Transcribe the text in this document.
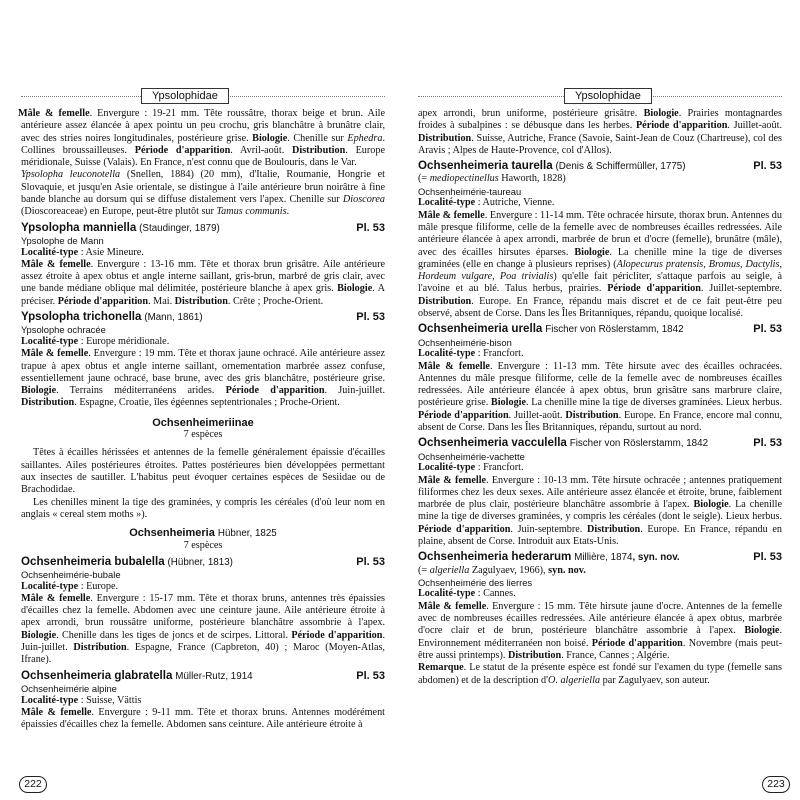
Ypsolophidae

Mâle & femelle. Envergure : 19-21 mm. Tête roussâtre, thorax beige et brun. Aile antérieure assez élancée à apex pointu un peu crochu, gris blanchâtre à brunâtre clair, avec des stries noires longitudinales, postérieure grise. Biologie. Chenille sur Ephedra. Collines broussailleuses. Période d'apparition. Avril-août. Distribution. Europe méridionale, Suisse (Valais). En France, n'est connu que de Boulouris, dans le Var.

Ypsolopha leuconotella (Snellen, 1884) (20 mm), d'Italie, Roumanie, Hongrie et Slovaquie, et jusqu'en Asie orientale, se distingue à l'aile antérieure brun noirâtre à fine bande blanche au dorsum qui se diffuse distalement vers l'apex. Chenille sur Dioscorea (Dioscoreaceae) en Europe, peut-être plutôt sur Tamus communis.

Ypsolopha manniella (Staudinger, 1879)	Pl. 53
Ypsolophe de Mann

Localité-type : Asie Mineure.

Mâle & femelle. Envergure : 13-16 mm. Tête et thorax brun grisâtre. Aile antérieure assez étroite à apex obtus et angle interne saillant, gris-brun, marbré de gris clair, avec une bande médiane oblique mal délimitée, postérieure blanche à apex gris. Biologie. A préciser. Période d'apparition. Mai. Distribution. Crête ; Proche-Orient.

Ypsolopha trichonella (Mann, 1861)	Pl. 53
Ypsolophe ochracée

Localité-type : Europe méridionale.

Mâle & femelle. Envergure : 19 mm. Tête et thorax jaune ochracé. Aile antérieure assez trapue à apex obtus et angle interne saillant, ornementation marbrée assez confuse, essentiellement jaune ochracé, base brune, avec des gris blanchâtre, postérieure grise. Biologie. Terrains méditerranéens arides. Période d'apparition. Juin-juillet. Distribution. Espagne, Croatie, îles égéennes septentrionales ; Proche-Orient.

Ochsenheimeriinae
7 espèces

Têtes à écailles hérissées et antennes de la femelle généralement épaissie d'écailles saillantes. Ailes postérieures étroites. Pattes postérieures bien développées permettant aux insectes de sautiller. L'habitus peut évoquer certaines espèces de Sesiidae ou de Brachodidae.

Les chenilles minent la tige des graminées, y compris les céréales (d'où leur nom en anglais « cereal stem moths »).

Ochsenheimeria Hübner, 1825
7 espèces
Ochsenheimeria bubalella (Hübner, 1813)	Pl. 53
Ochsenheimérie-bubale

Localité-type : Europe.

Mâle & femelle. Envergure : 15-17 mm. Tête et thorax bruns, antennes très épaissies d'écailles chez la femelle. Abdomen avec une ceinture jaune. Aile antérieure étroite à apex arrondi, brun roussâtre uniforme, postérieure blanchâtre assombrie à l'apex. Biologie. Chenille dans les tiges de joncs et de scirpes. Littoral. Période d'apparition. Juin-juillet. Distribution. Espagne, France (Capbreton, 40) ; Maroc (Moyen-Atlas, Ifrane).

Ochsenheimeria glabratella Müller-Rutz, 1914	Pl. 53
Ochsenheimérie alpine

Localité-type : Suisse, Vättis

Mâle & femelle. Envergure : 9-11 mm. Tête et thorax bruns. Antennes modérément épaissies d'écailles chez la femelle. Abdomen sans ceinture. Aile antérieure étroite à

222
Ypsolophidae

apex arrondi, brun uniforme, postérieure grisâtre. Biologie. Prairies montagnardes froides à subalpines : se débusque dans les herbes. Période d'apparition. Juillet-août. Distribution. Suisse, Autriche, France (Savoie, Saint-Jean de Couz (Chartreuse), col des Aravis ; Alpes de Haute-Provence, col d'Allos).

Ochsenheimeria taurella (Denis & Schiffermüller, 1775)	Pl. 53

(= mediopectinellus Haworth, 1828)

Ochsenheimérie-taureau

Localité-type : Autriche, Vienne.

Mâle & femelle. Envergure : 11-14 mm. Tête ochracée hirsute, thorax brun. Antennes du mâle presque filiforme, celle de la femelle avec de nombreuses écailles redressées. Aile antérieure élancée à apex arrondi, marbrée de brun et d'ocre (femelle), brunâtre (mâle), avec des écailles hirsutes éparses. Biologie. La chenille mine la tige de diverses graminées (elle en change à plusieurs reprises) (Alopecurus pratensis, Bromus, Dactylis, Hordeum vulgare, Poa trivialis) qu'elle fait péricliter, s'attaque parfois au seigle, à l'avoine et au blé. Talus herbus, prairies. Période d'apparition. Juillet-septembre. Distribution. Europe. En France, répandu mais discret et de ce fait peut-être peu observé, absent de Corse. Dans les Îles Britanniques, répandu, quoique localisé.

Ochsenheimeria urella Fischer von Röslerstamm, 1842	Pl. 53
Ochsenheimérie-bison

Localité-type : Francfort.

Mâle & femelle. Envergure : 11-13 mm. Tête hirsute avec des écailles ochracées. Antennes du mâle presque filiforme, celle de la femelle avec de nombreuses écailles redressées. Aile antérieure élancée à apex obtus, brun grisâtre sans marbrure claire, postérieure grise. Biologie. La chenille mine la tige de diverses graminées. Lieux herbus. Période d'apparition. Juillet-août. Distribution. Europe. En France, encore mal connu, absent de Corse. Dans les Îles Britanniques, répandu, surtout au nord.

Ochsenheimeria vacculella Fischer von Röslerstamm, 1842	Pl. 53
Ochsenheimérie-vachette

Localité-type : Francfort.

Mâle & femelle. Envergure : 10-13 mm. Tête hirsute ochracée ; antennes pratiquement filiformes chez les deux sexes. Aile antérieure assez élancée et étroite, brune, faiblement marbrée de plus clair, postérieure blanchâtre assombrie à l'apex. Biologie. La chenille mine la tige de diverses graminées, y compris les céréales (dont le seigle). Lieux herbus. Période d'apparition. Juin-septembre. Distribution. Europe. En France, répandu en plaine, absent de Corse. Introduit aux Etats-Unis.

Ochsenheimeria hederarum Millière, 1874, syn. nov.	Pl. 53

(= algeriella Zagulyaev, 1966), syn. nov.

Ochsenheimérie des lierres

Localité-type : Cannes.

Mâle & femelle. Envergure : 15 mm. Tête hirsute jaune d'ocre. Antennes de la femelle avec de nombreuses écailles redressées. Aile antérieure élancée à apex obtus, marbrée d'ocre clair et de brun, postérieure blanchâtre assombrie à l'apex. Biologie. Environnement méditerranéen non boisé. Période d'apparition. Novembre (mais peut-être aussi printemps). Distribution. France, Cannes ; Algérie.

Remarque. Le statut de la présente espèce est fondé sur l'examen du type (femelle sans abdomen) et de la description d'O. algeriella par Zagulyaev, son auteur.

223
